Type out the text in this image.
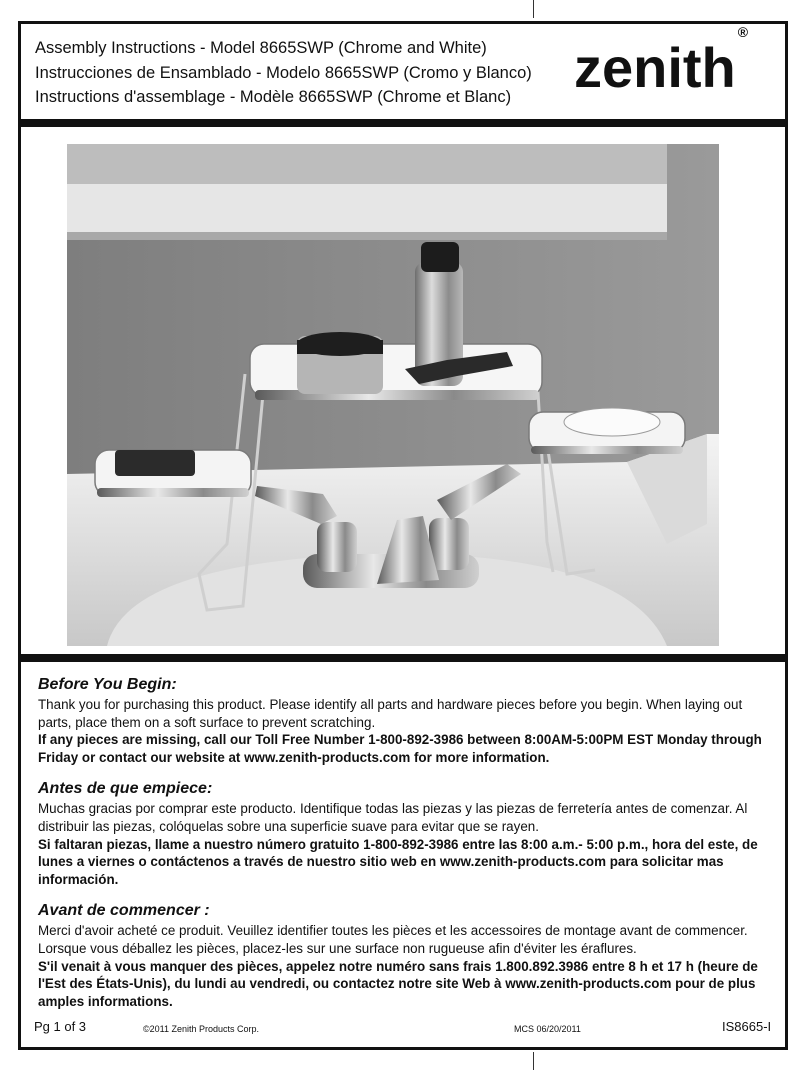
Assembly Instructions - Model 8665SWP (Chrome and White)
Instrucciones de Ensamblado - Modelo 8665SWP (Cromo y Blanco)
Instructions d'assemblage - Modèle 8665SWP (Chrome et Blanc) zenith®
Before You Begin:

Thank you for purchasing this product. Please identify all parts and hardware pieces before you begin. When laying out parts, place them on a soft surface to prevent scratching.

If any pieces are missing, call our Toll Free Number 1-800-892-3986 between 8:00AM-5:00PM EST Monday through Friday or contact our website at www.zenith-products.com for more information.

Antes de que empiece:

Muchas gracias por comprar este producto. Identifique todas las piezas y las piezas de ferretería antes de comenzar. Al distribuir las piezas, colóquelas sobre una superficie suave para evitar que se rayen.

Si faltaran piezas, llame a nuestro número gratuito 1-800-892-3986 entre las 8:00 a.m.- 5:00 p.m., hora del este, de lunes a viernes o contáctenos a través de nuestro sitio web en www.zenith-products.com para solicitar mas información.

Avant de commencer :

Merci d'avoir acheté ce produit. Veuillez identifier toutes les pièces et les accessoires de montage avant de commencer. Lorsque vous déballez les pièces, placez-les sur une surface non rugueuse afin d'éviter les éraflures.

S'il venait à vous manquer des pièces, appelez notre numéro sans frais 1.800.892.3986 entre 8 h et 17 h (heure de l'Est des États-Unis), du lundi au vendredi, ou contactez notre site Web à www.zenith-products.com pour de plus amples informations.

Pg 1 of 3	©2011 Zenith Products Corp.	MCS 06/20/2011	IS8665-I
